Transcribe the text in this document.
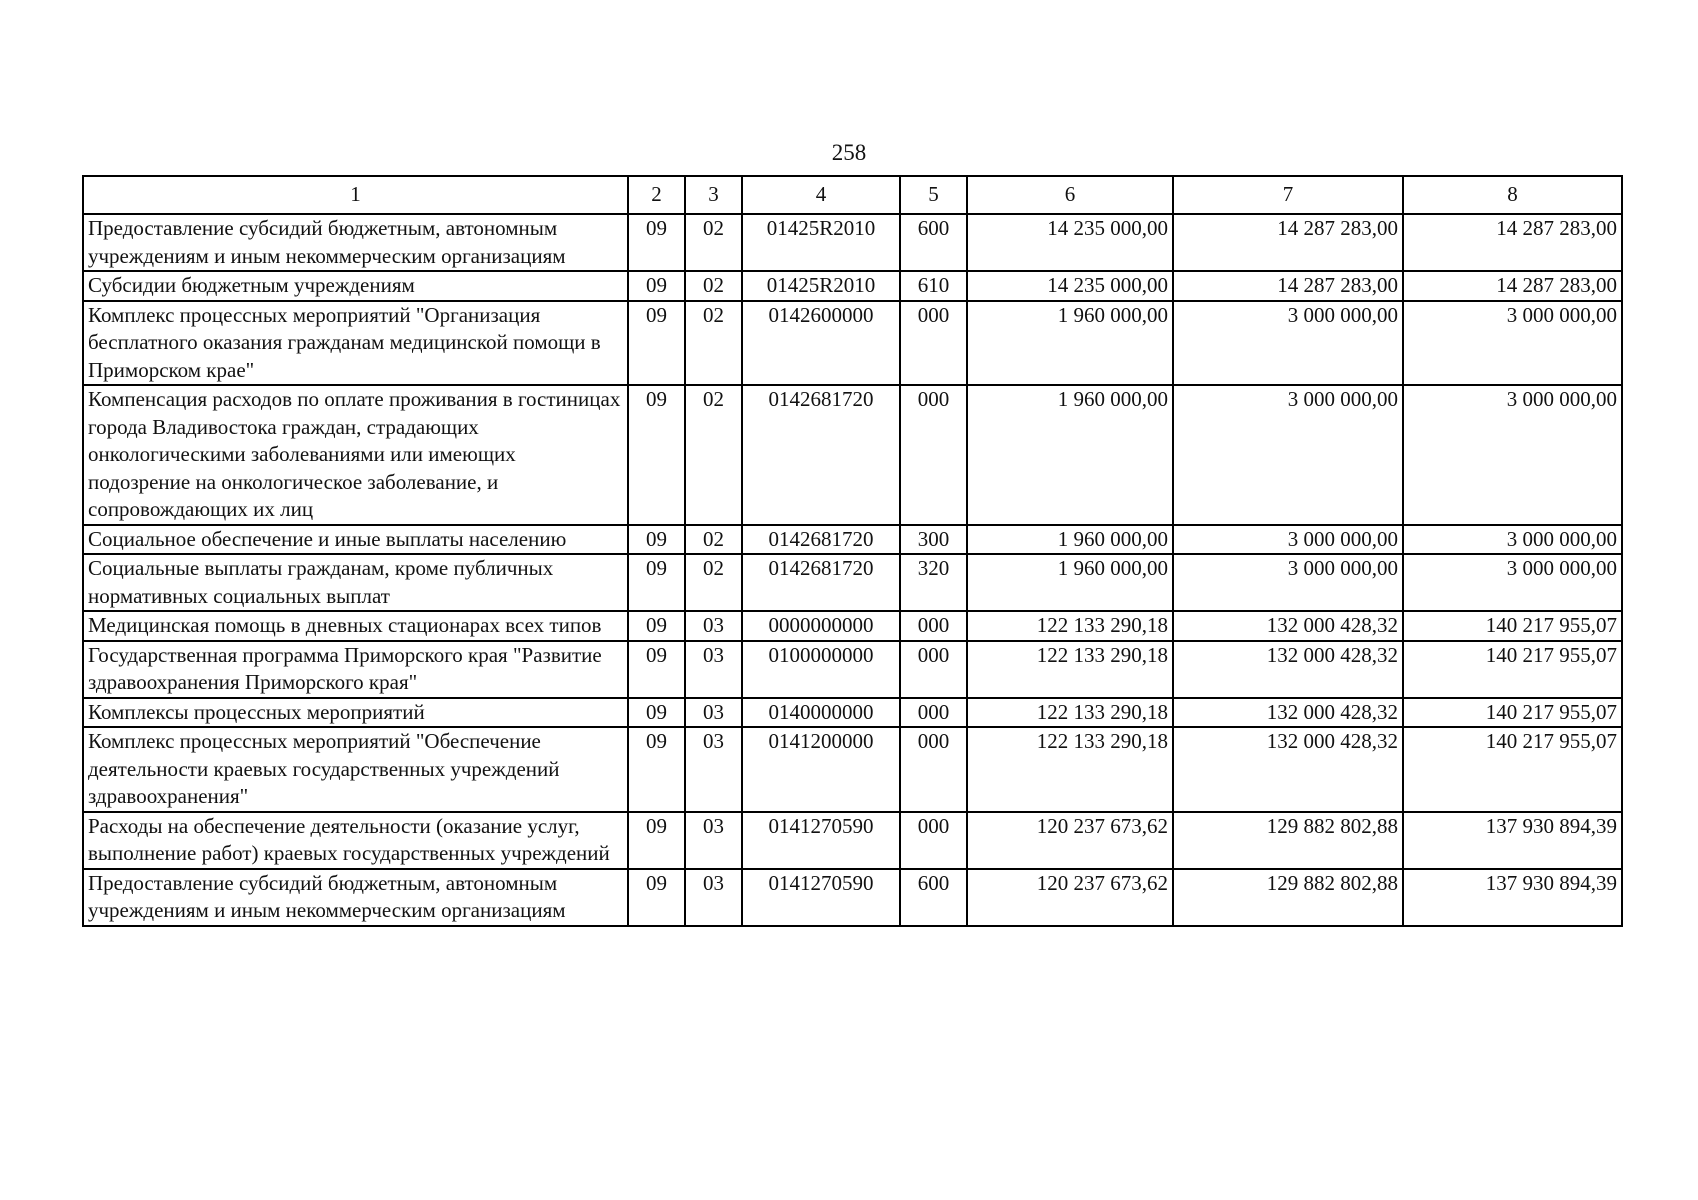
258
1	2	3	4	5	6	7	8
Предоставление субсидий бюджетным, автономным учреждениям и иным некоммерческим организациям	09	02	01425R2010	600	14 235 000,00	14 287 283,00	14 287 283,00
Субсидии бюджетным учреждениям	09	02	01425R2010	610	14 235 000,00	14 287 283,00	14 287 283,00
Комплекс процессных мероприятий "Организация бесплатного оказания гражданам медицинской помощи в Приморском крае"	09	02	0142600000	000	1 960 000,00	3 000 000,00	3 000 000,00
Компенсация расходов по оплате проживания в гостиницах города Владивостока граждан, страдающих онкологическими заболеваниями или имеющих подозрение на онкологическое заболевание, и сопровождающих их лиц	09	02	0142681720	000	1 960 000,00	3 000 000,00	3 000 000,00
Социальное обеспечение и иные выплаты населению	09	02	0142681720	300	1 960 000,00	3 000 000,00	3 000 000,00
Социальные выплаты гражданам, кроме публичных нормативных социальных выплат	09	02	0142681720	320	1 960 000,00	3 000 000,00	3 000 000,00
Медицинская помощь в дневных стационарах всех типов	09	03	0000000000	000	122 133 290,18	132 000 428,32	140 217 955,07
Государственная программа Приморского края "Развитие здравоохранения Приморского края"	09	03	0100000000	000	122 133 290,18	132 000 428,32	140 217 955,07
Комплексы процессных мероприятий	09	03	0140000000	000	122 133 290,18	132 000 428,32	140 217 955,07
Комплекс процессных мероприятий "Обеспечение деятельности краевых государственных учреждений здравоохранения"	09	03	0141200000	000	122 133 290,18	132 000 428,32	140 217 955,07
Расходы на обеспечение деятельности (оказание услуг, выполнение работ) краевых государственных учреждений	09	03	0141270590	000	120 237 673,62	129 882 802,88	137 930 894,39
Предоставление субсидий бюджетным, автономным учреждениям и иным некоммерческим организациям	09	03	0141270590	600	120 237 673,62	129 882 802,88	137 930 894,39
